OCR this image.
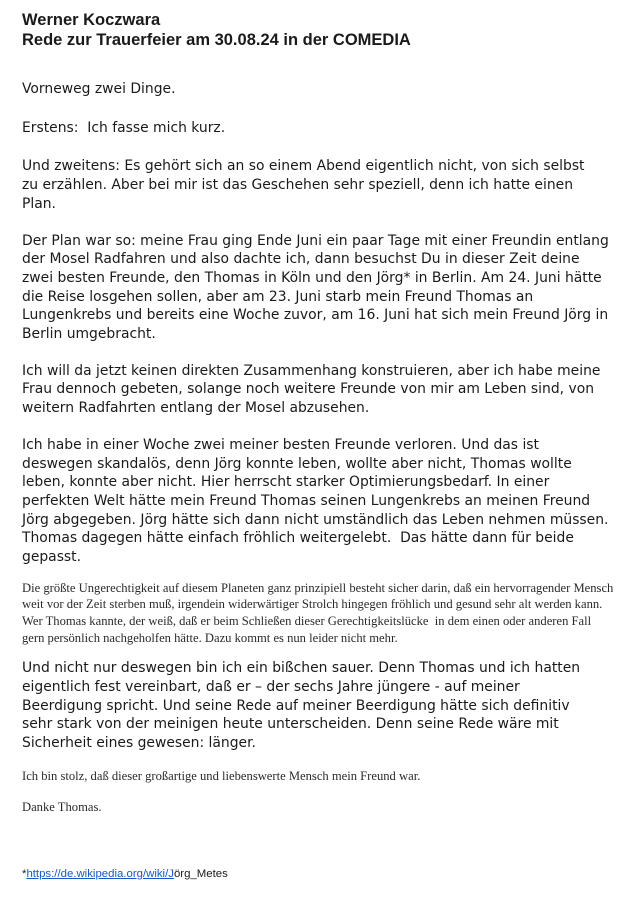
Werner Koczwara
Rede zur Trauerfeier am 30.08.24 in der COMEDIA

Vorneweg zwei Dinge.

Erstens:  Ich fasse mich kurz.

Und zweitens: Es gehört sich an so einem Abend eigentlich nicht, von sich selbst zu erzählen. Aber bei mir ist das Geschehen sehr speziell, denn ich hatte einen Plan.

Der Plan war so: meine Frau ging Ende Juni ein paar Tage mit einer Freundin entlang der Mosel Radfahren und also dachte ich, dann besuchst Du in dieser Zeit deine zwei besten Freunde, den Thomas in Köln und den Jörg* in Berlin. Am 24. Juni hätte die Reise losgehen sollen, aber am 23. Juni starb mein Freund Thomas an Lungenkrebs und bereits eine Woche zuvor, am 16. Juni hat sich mein Freund Jörg in Berlin umgebracht.

Ich will da jetzt keinen direkten Zusammenhang konstruieren, aber ich habe meine Frau dennoch gebeten, solange noch weitere Freunde von mir am Leben sind, von weitern Radfahrten entlang der Mosel abzusehen.

Ich habe in einer Woche zwei meiner besten Freunde verloren. Und das ist deswegen skandalös, denn Jörg konnte leben, wollte aber nicht, Thomas wollte leben, konnte aber nicht. Hier herrscht starker Optimierungsbedarf. In einer perfekten Welt hätte mein Freund Thomas seinen Lungenkrebs an meinen Freund Jörg abgegeben. Jörg hätte sich dann nicht umständlich das Leben nehmen müssen. Thomas dagegen hätte einfach fröhlich weitergelebt.  Das hätte dann für beide gepasst.

Die größte Ungerechtigkeit auf diesem Planeten ganz prinzipiell besteht sicher darin, daß ein hervorragender Mensch weit vor der Zeit sterben muß, irgendein widerwärtiger Strolch hingegen fröhlich und gesund sehr alt werden kann.  Wer Thomas kannte, der weiß, daß er beim Schließen dieser Gerechtigkeitslücke  in dem einen oder anderen Fall gern persönlich nachgeholfen hätte. Dazu kommt es nun leider nicht mehr.

Und nicht nur deswegen bin ich ein bißchen sauer. Denn Thomas und ich hatten eigentlich fest vereinbart, daß er – der sechs Jahre jüngere - auf meiner Beerdigung spricht. Und seine Rede auf meiner Beerdigung hätte sich definitiv sehr stark von der meinigen heute unterscheiden. Denn seine Rede wäre mit Sicherheit eines gewesen: länger.

Ich bin stolz, daß dieser großartige und liebenswerte Mensch mein Freund war.

Danke Thomas.

*https://de.wikipedia.org/wiki/Jörg_Metes
